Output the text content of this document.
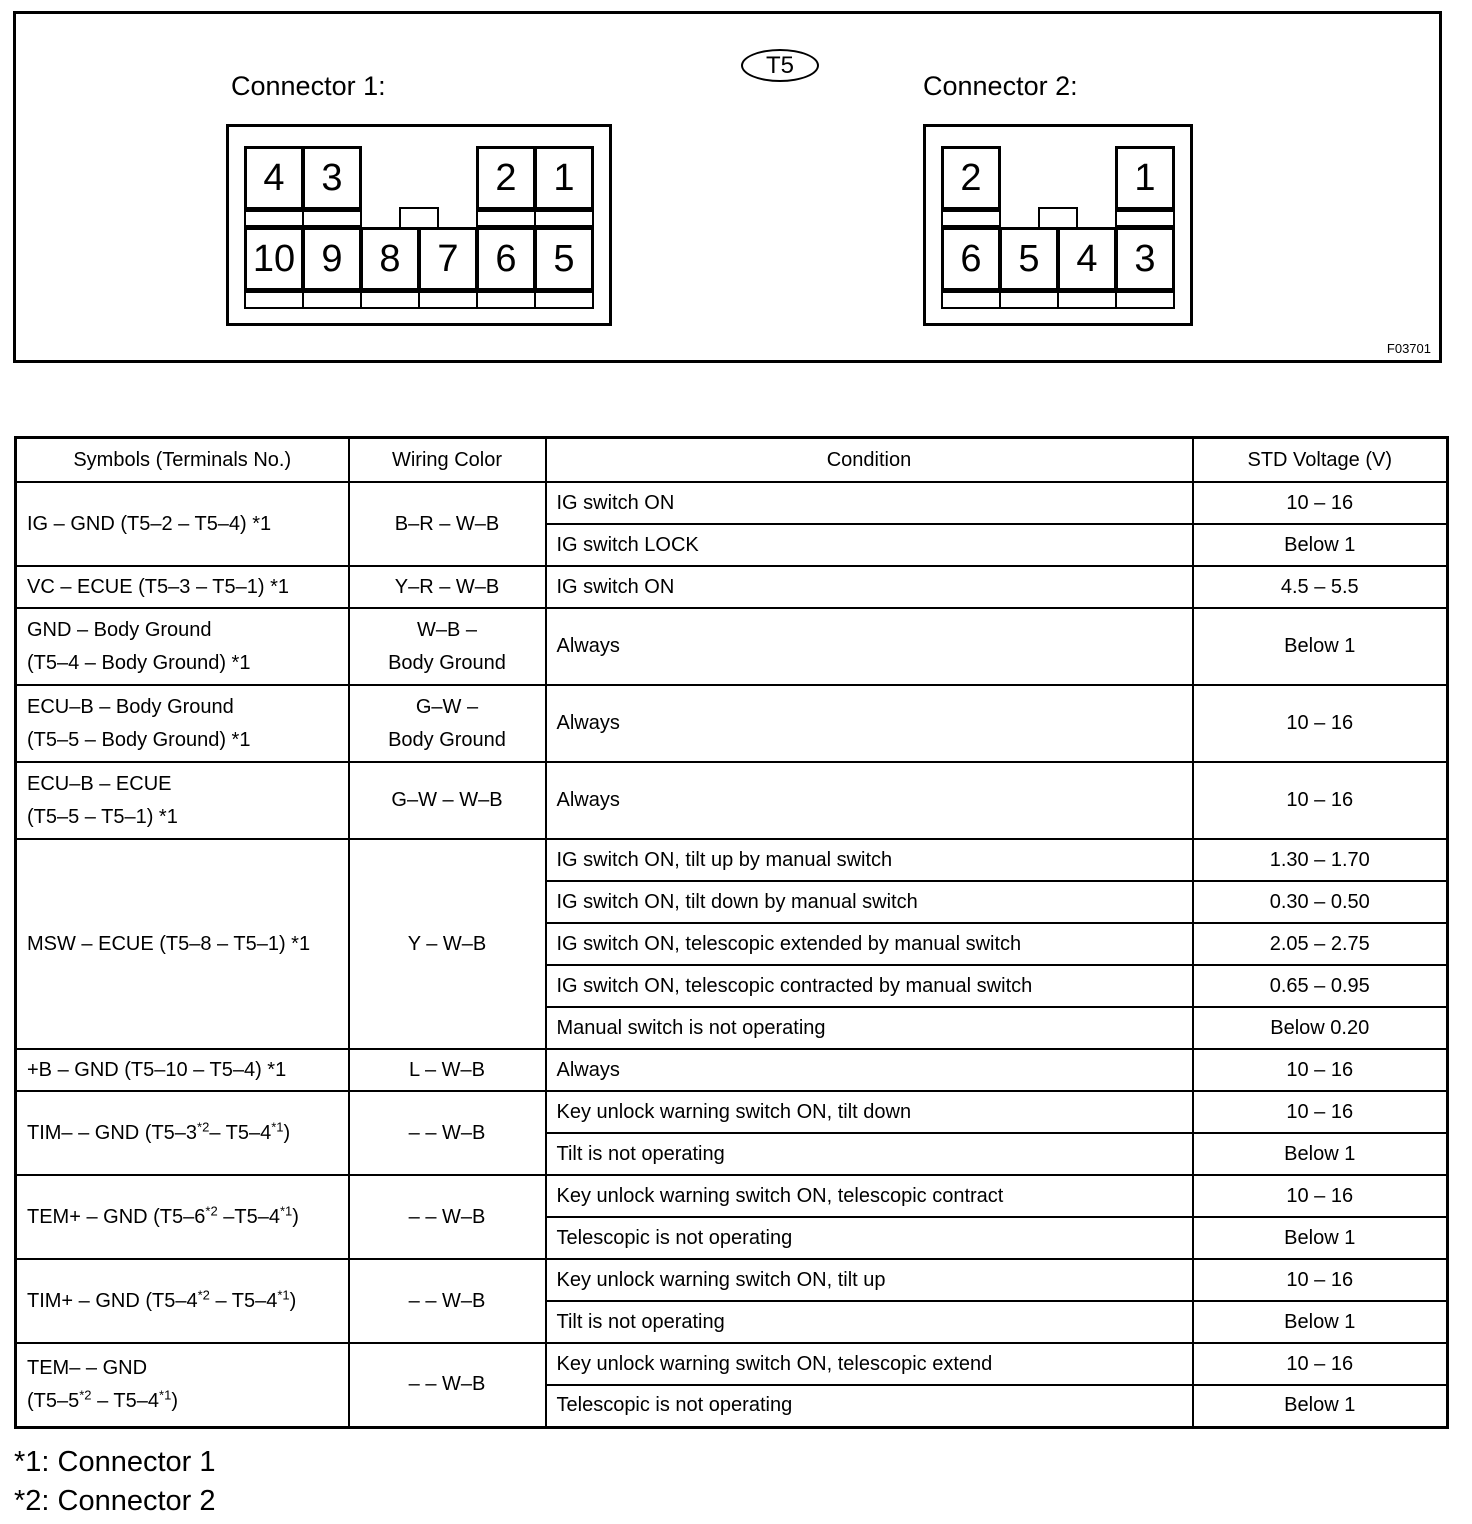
T5
Connector 1:
4 3	2 1
10 9 8 7 6 5
Connector 2:
2	1
6 5 4 3
F03701
Symbols (Terminals No.)	Wiring Color	Condition	STD Voltage (V)

IG – GND (T5–2 – T5–4) *1	B–R – W–B	IG switch ON	10 – 16
		IG switch LOCK	Below 1

VC – ECUE (T5–3 – T5–1) *1	Y–R – W–B	IG switch ON	4.5 – 5.5

GND – Body Ground
(T5–4 – Body Ground) *1	W–B –
Body Ground	Always	Below 1

ECU–B – Body Ground
(T5–5 – Body Ground) *1	G–W –
Body Ground	Always	10 – 16

ECU–B – ECUE
(T5–5 – T5–1) *1	G–W – W–B	Always	10 – 16

MSW – ECUE (T5–8 – T5–1) *1	Y – W–B	IG switch ON, tilt up by manual switch	1.30 – 1.70
		IG switch ON, tilt down by manual switch	0.30 – 0.50
		IG switch ON, telescopic extended by manual switch	2.05 – 2.75
		IG switch ON, telescopic contracted by manual switch	0.65 – 0.95
		Manual switch is not operating	Below 0.20

+B – GND (T5–10 – T5–4) *1	L – W–B	Always	10 – 16

TIM– – GND (T5–3$^{*2}$– T5–4$^{*1}$)	– – W–B	Key unlock warning switch ON, tilt down	10 – 16
		Tilt is not operating	Below 1

TEM+ – GND (T5–6$^{*2}$ –T5–4$^{*1}$)	– – W–B	Key unlock warning switch ON, telescopic contract	10 – 16
		Telescopic is not operating	Below 1

TIM+ – GND (T5–4$^{*2}$ – T5–4$^{*1}$)	– – W–B	Key unlock warning switch ON, tilt up	10 – 16
		Tilt is not operating	Below 1

TEM– – GND
(T5–5$^{*2}$ – T5–4$^{*1}$)	– – W–B	Key unlock warning switch ON, telescopic extend	10 – 16
		Telescopic is not operating	Below 1
*1: Connector 1
*2: Connector 2
